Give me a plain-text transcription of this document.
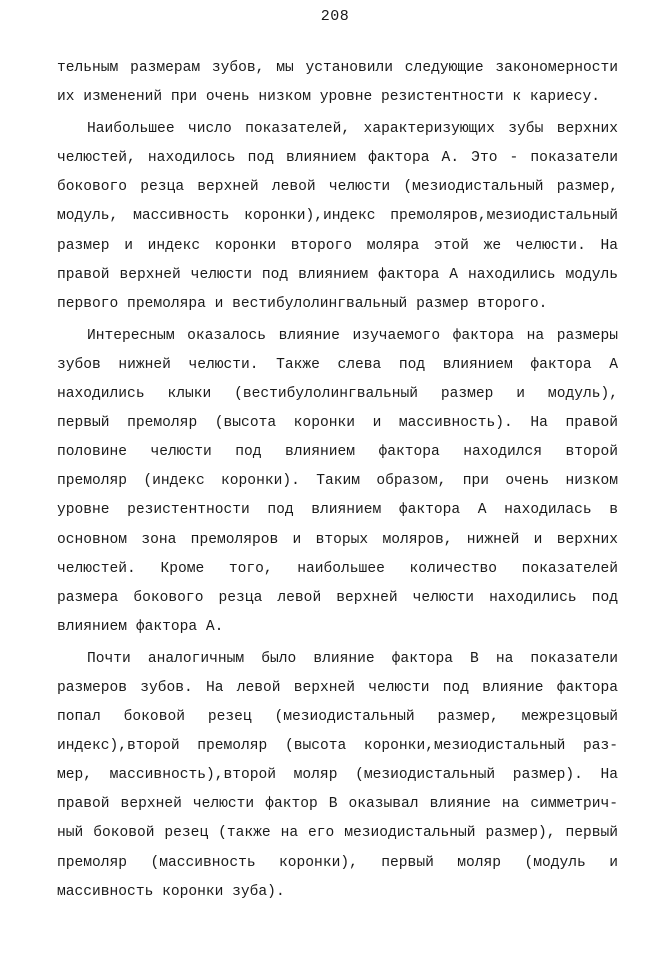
208
тельным размерам зубов, мы установили следующие закономерности
их изменений при очень низком уровне резистентности к кариесу.
Наибольшее число показателей, характеризующих зубы верхних
челюстей, находилось под влиянием фактора А. Это - показатели
бокового резца верхней левой челюсти (мезиодистальный размер,
модуль, массивность коронки),индекс премоляров,мезиодистальный
размер и индекс коронки второго моляра этой же челюсти. На
правой верхней челюсти под влиянием фактора А находились модуль
первого премоляра и вестибулолингвальный размер второго.
Интересным оказалось влияние изучаемого фактора на размеры
зубов нижней челюсти. Также слева под влиянием фактора А
находились клыки (вестибулолингвальный размер и модуль),
первый премоляр (высота коронки и массивность). На правой
половине челюсти под влиянием фактора находился второй
премоляр (индекс коронки). Таким образом, при очень низком
уровне резистентности под влиянием фактора А находилась в
основном зона премоляров и вторых моляров, нижней и верхних
челюстей. Кроме того, наибольшее количество показателей
размера бокового резца левой верхней челюсти находились под
влиянием фактора А.
Почти аналогичным было влияние фактора В на показатели
размеров зубов. На левой верхней челюсти под влияние фактора
попал боковой резец (мезиодистальный размер, межрезцовый
индекс),второй премоляр (высота коронки,мезиодистальный раз-
мер, массивность),второй моляр (мезиодистальный размер). На
правой верхней челюсти фактор В оказывал влияние на симметрич-
ный боковой резец (также на его мезиодистальный размер), первый
премоляр (массивность коронки), первый моляр (модуль и
массивность коронки зуба).
